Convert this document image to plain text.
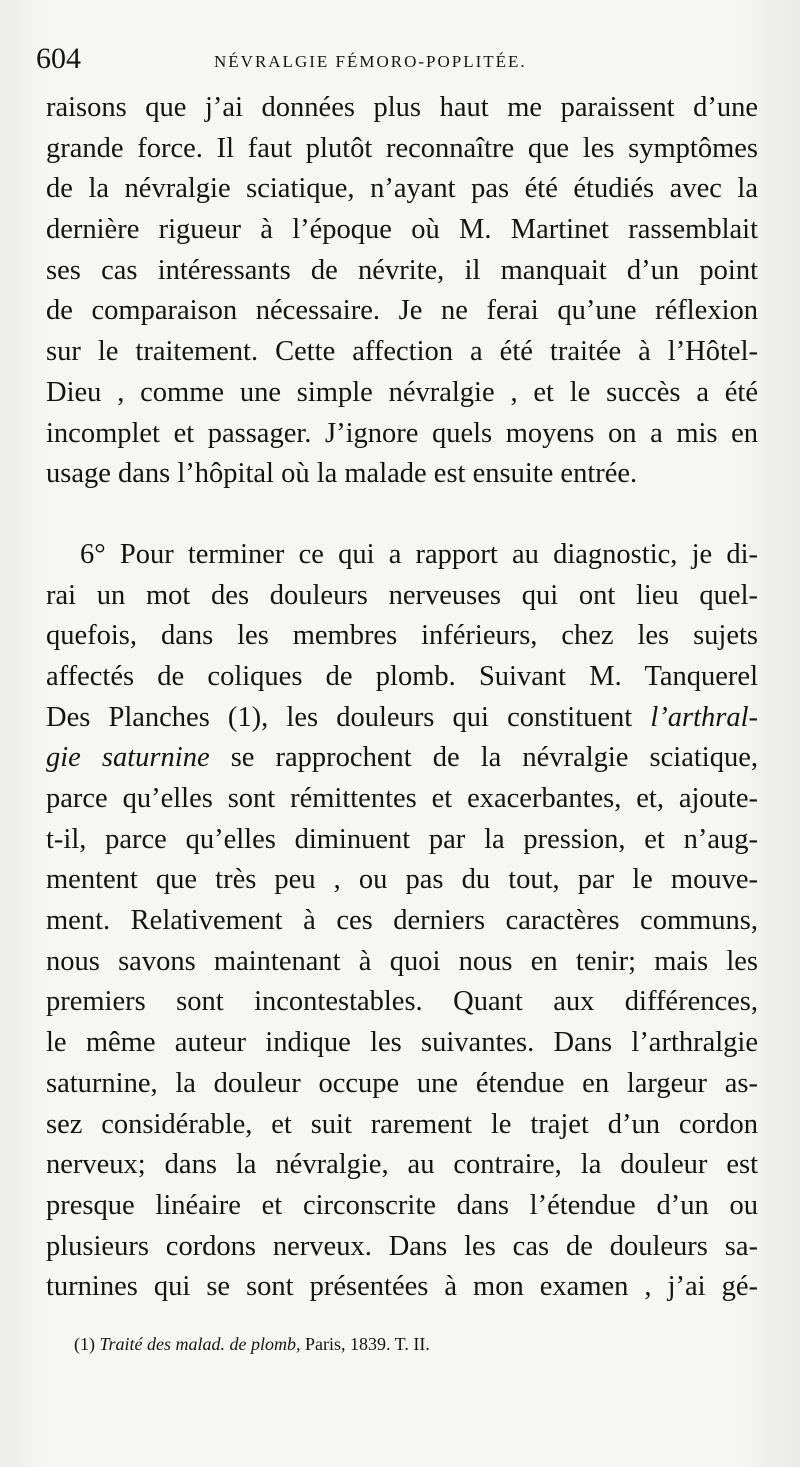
604	NÉVRALGIE FÉMORO-POPLITÉE.
raisons que j’ai données plus haut me paraissent d’une
grande force. Il faut plutôt reconnaître que les symptômes
de la névralgie sciatique, n’ayant pas été étudiés avec la
dernière rigueur à l’époque où M. Martinet rassemblait
ses cas intéressants de névrite, il manquait d’un point
de comparaison nécessaire. Je ne ferai qu’une réflexion
sur le traitement. Cette affection a été traitée à l’Hôtel-
Dieu , comme une simple névralgie , et le succès a été
incomplet et passager. J’ignore quels moyens on a mis en
usage dans l’hôpital où la malade est ensuite entrée.
6° Pour terminer ce qui a rapport au diagnostic, je di-
rai un mot des douleurs nerveuses qui ont lieu quel-
quefois, dans les membres inférieurs, chez les sujets
affectés de coliques de plomb. Suivant M. Tanquerel
Des Planches (1), les douleurs qui constituent l’arthral-
gie saturnine se rapprochent de la névralgie sciatique,
parce qu’elles sont rémittentes et exacerbantes, et, ajoute-
t-il, parce qu’elles diminuent par la pression, et n’aug-
mentent que très peu , ou pas du tout, par le mouve-
ment. Relativement à ces derniers caractères communs,
nous savons maintenant à quoi nous en tenir; mais les
premiers sont incontestables. Quant aux différences,
le même auteur indique les suivantes. Dans l’arthralgie
saturnine, la douleur occupe une étendue en largeur as-
sez considérable, et suit rarement le trajet d’un cordon
nerveux; dans la névralgie, au contraire, la douleur est
presque linéaire et circonscrite dans l’étendue d’un ou
plusieurs cordons nerveux. Dans les cas de douleurs sa-
turnines qui se sont présentées à mon examen , j’ai gé-
(1) Traité des malad. de plomb, Paris, 1839. T. II.
